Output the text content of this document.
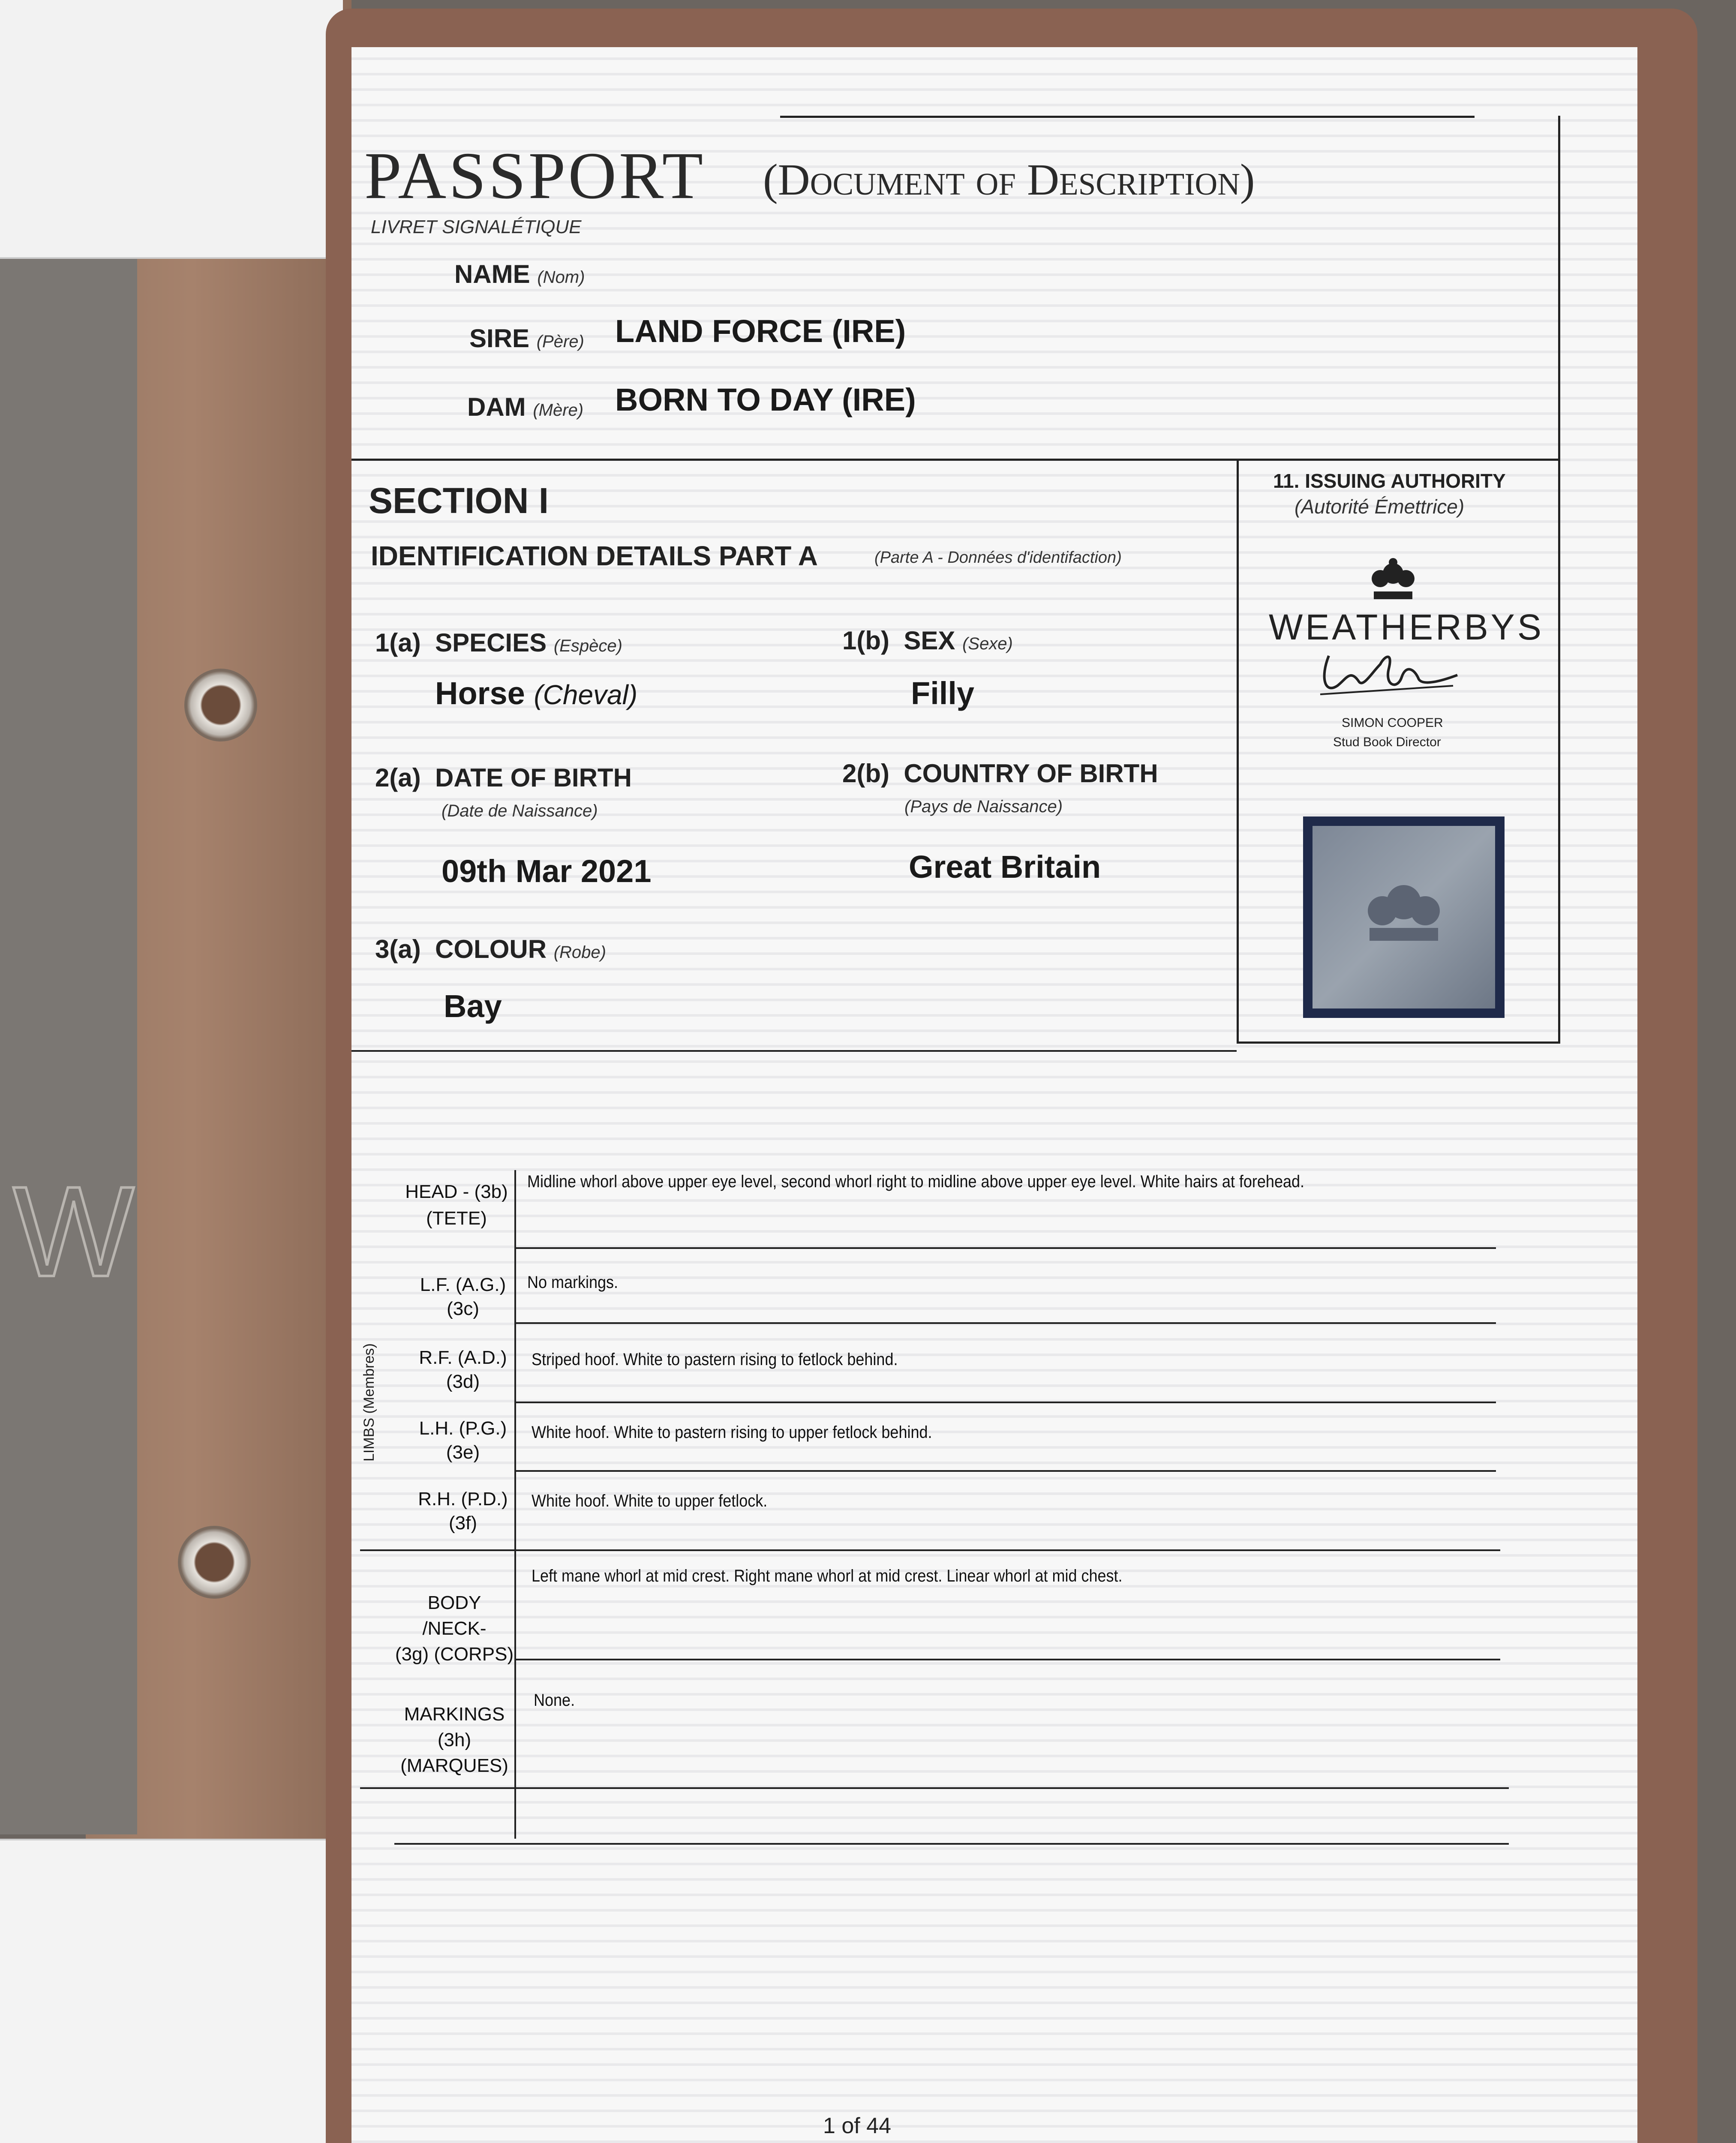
W
PASSPORT (Document of Description)
LIVRET SIGNALÉTIQUE
NAME (Nom)
SIRE (Père) LAND FORCE (IRE)
DAM (Mère) BORN TO DAY (IRE)
SECTION I
IDENTIFICATION DETAILS PART A	(Parte A - Données d'identifaction)
1(a) SPECIES (Espèce)
Horse (Cheval)
1(b) SEX (Sexe)
Filly
2(a) DATE OF BIRTH
(Date de Naissance)
09th Mar 2021
2(b) COUNTRY OF BIRTH
(Pays de Naissance)
Great Britain
3(a) COLOUR (Robe)
Bay
11. ISSUING AUTHORITY
(Autorité Émettrice)
WEATHERBYS
SIMON COOPER
Stud Book Director
LIMBS (Membres)
HEAD - (3b)
(TETE)
Midline whorl above upper eye level, second whorl right to midline above upper eye level. White hairs at forehead.
L.F. (A.G.)
(3c)
No markings.
R.F. (A.D.)
(3d)
Striped hoof. White to pastern rising to fetlock behind.
L.H. (P.G.)
(3e)
White hoof. White to pastern rising to upper fetlock behind.
R.H. (P.D.)
(3f)
White hoof. White to upper fetlock.
BODY /NECK-
(3g) (CORPS)
Left mane whorl at mid crest. Right mane whorl at mid crest. Linear whorl at mid chest.
MARKINGS (3h)
(MARQUES)
None.
1 of 44
